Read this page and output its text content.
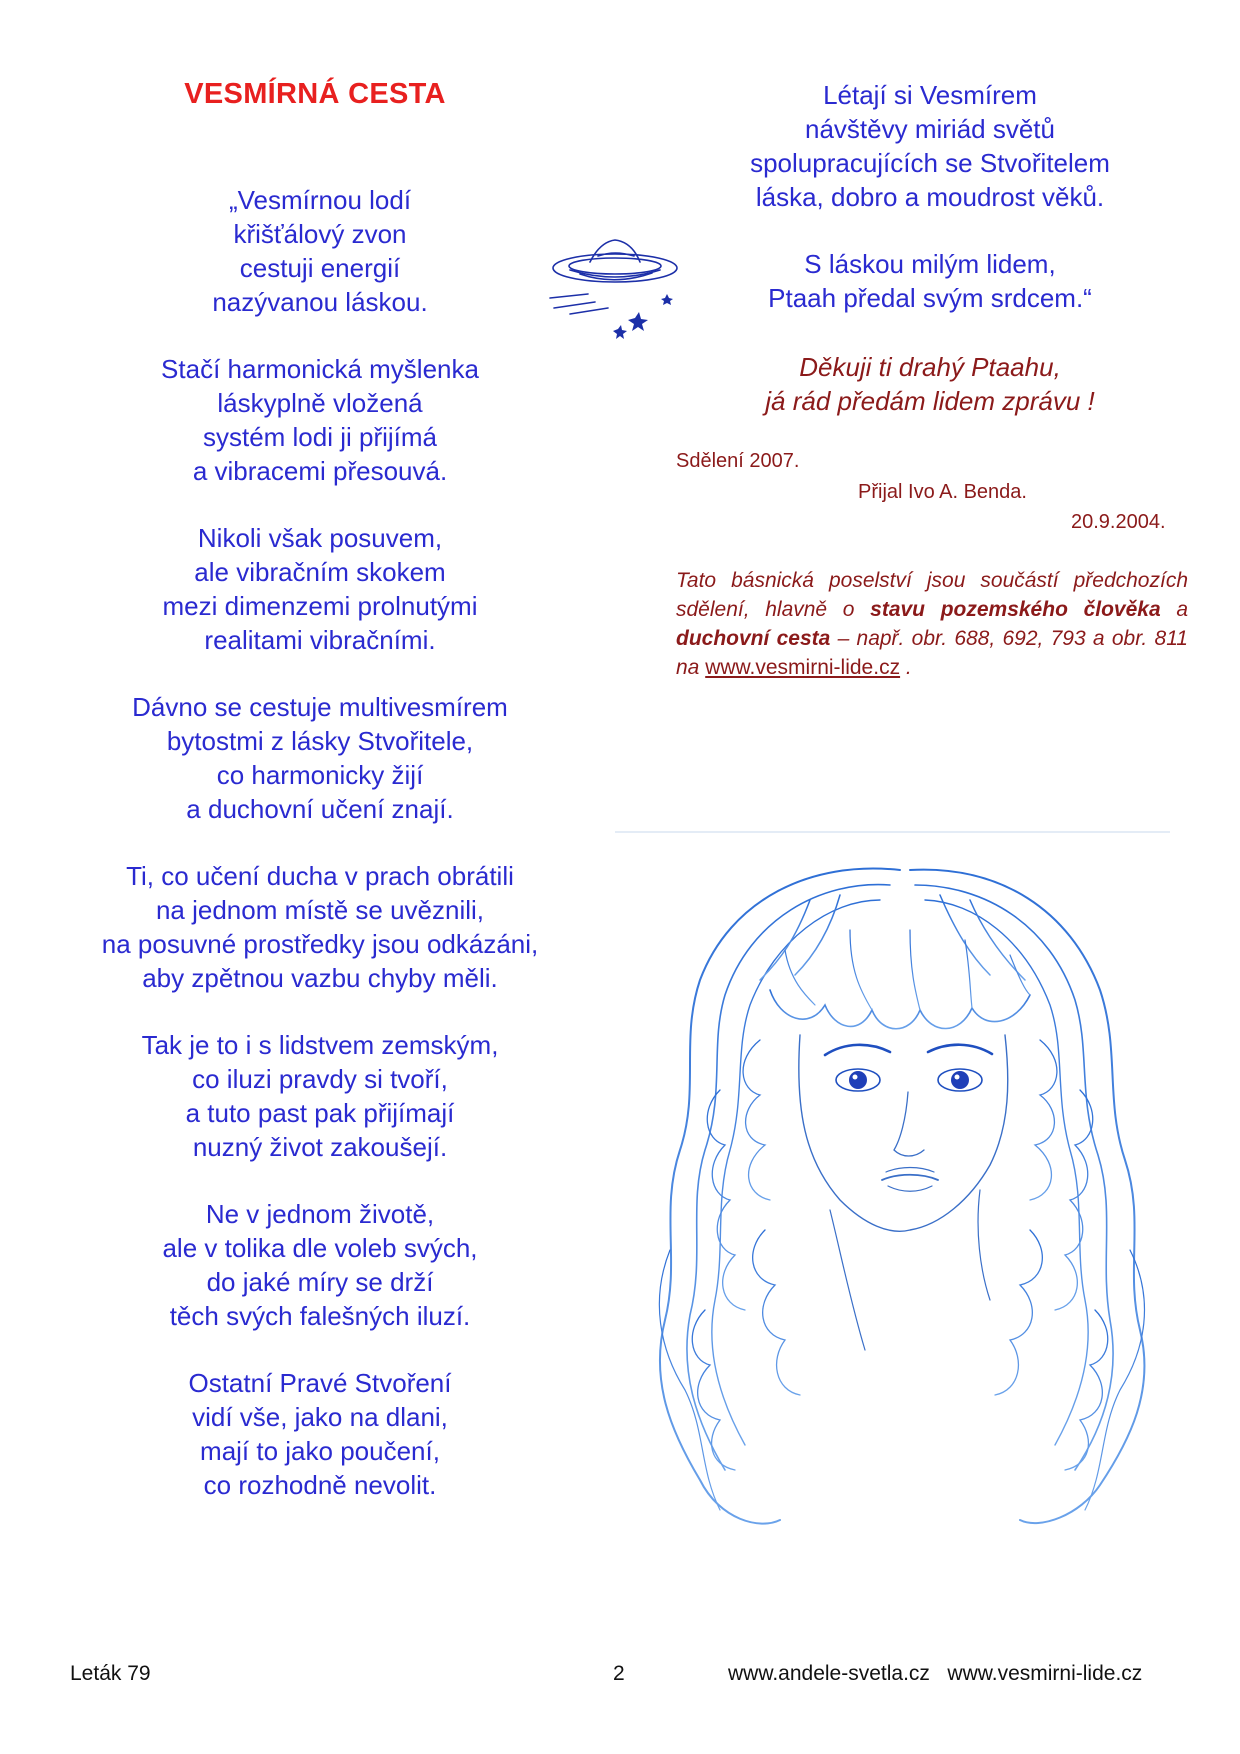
VESMÍRNÁ CESTA
„Vesmírnou lodí
křišťálový zvon
cestuji energií
nazývanou láskou.
Stačí harmonická myšlenka
láskyplně vložená
systém lodi ji přijímá
a vibracemi přesouvá.
Nikoli však posuvem,
ale vibračním skokem
mezi dimenzemi prolnutými
realitami vibračními.
Dávno se cestuje multivesmírem
bytostmi z lásky Stvořitele,
co harmonicky žijí
a duchovní učení znají.
Ti, co učení ducha v prach obrátili
na jednom místě se uvěznili,
na posuvné prostředky jsou odkázáni,
aby zpětnou vazbu chyby měli.
Tak je to i s lidstvem zemským,
co iluzi pravdy si tvoří,
a tuto past pak přijímají
nuzný život zakoušejí.
Ne v jednom životě,
ale v tolika dle voleb svých,
do jaké míry se drží
těch svých falešných iluzí.
Ostatní Pravé Stvoření
vidí vše, jako na dlani,
mají to jako poučení,
co rozhodně nevolit.
Létají si Vesmírem
návštěvy miriád světů
spolupracujících se Stvořitelem
láska, dobro a moudrost věků.
S láskou milým lidem,
Ptaah předal svým srdcem.“
Děkuji ti drahý Ptaahu,
já rád předám lidem zprávu !
Sdělení 2007.
Přijal Ivo A. Benda.
20.9.2004.
Tato básnická poselství jsou součástí předchozích sdělení, hlavně o stavu pozemského člověka a duchovní cesta – např. obr. 688, 692, 793 a obr. 811 na www.vesmirni-lide.cz .
Leták 79	2	www.andele-svetla.cz   www.vesmirni-lide.cz
